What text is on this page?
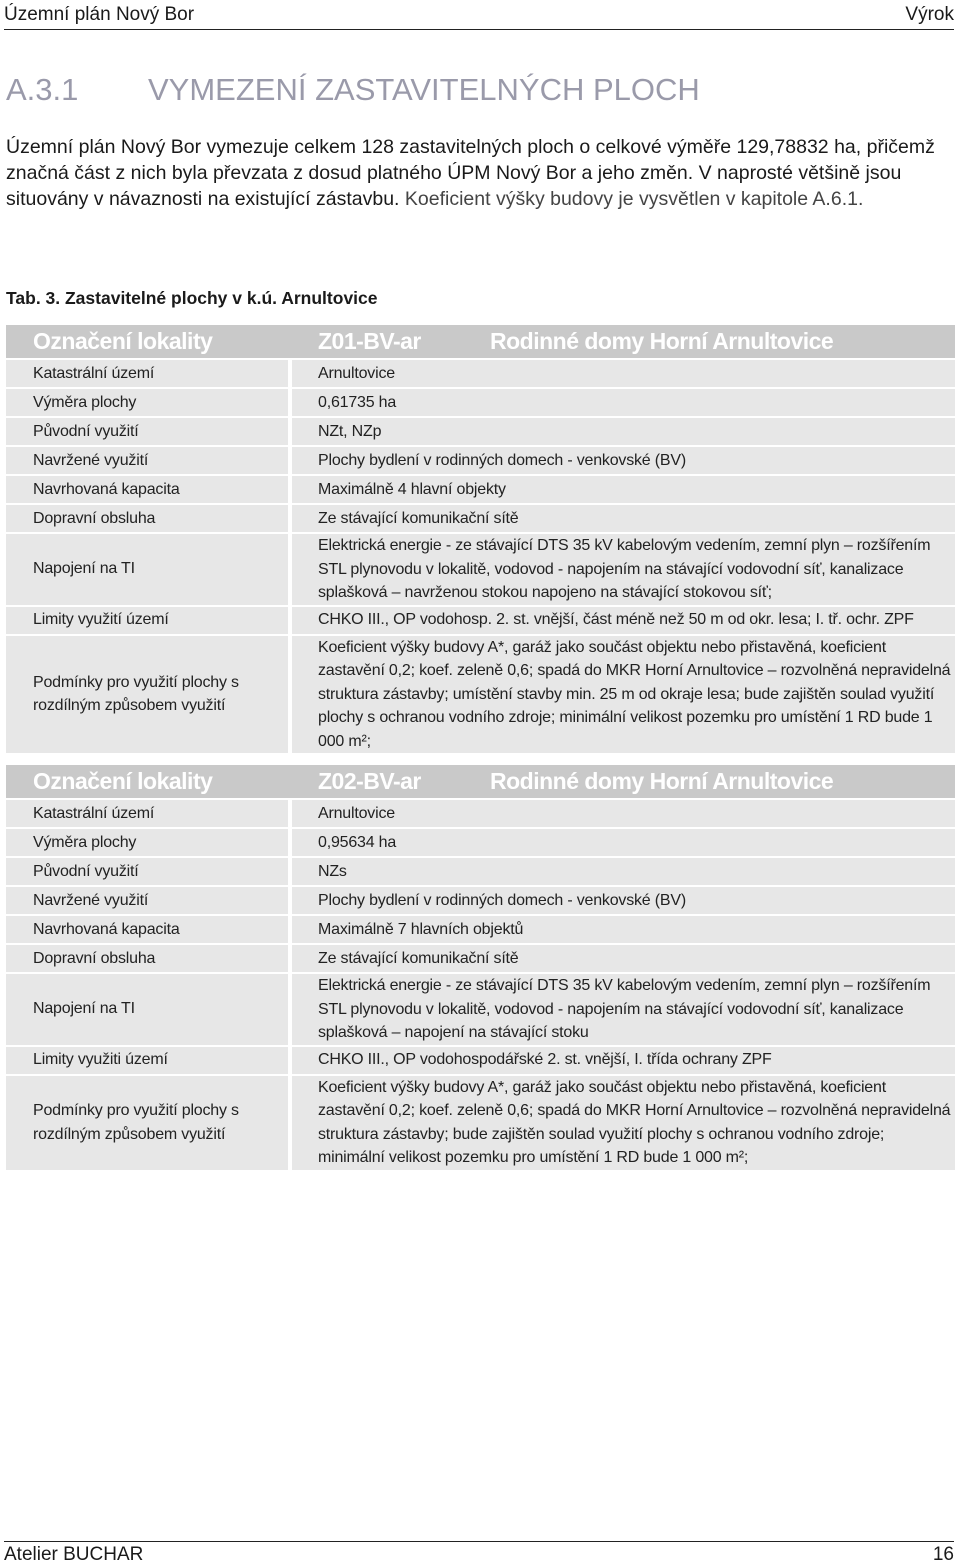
Územní plán Nový Bor	Výrok
A.3.1 VYMEZENÍ ZASTAVITELNÝCH PLOCH
Územní plán Nový Bor vymezuje celkem 128 zastavitelných ploch o celkové výměře 129,78832 ha, přičemž značná část z nich byla převzata z dosud platného ÚPM Nový Bor a jeho změn. V naprosté většině jsou situovány v návaznosti na existující zástavbu. Koeficient výšky budovy je vysvětlen v kapitole A.6.1.
Tab. 3. Zastavitelné plochy v k.ú. Arnultovice
Označení lokality		Z01-BV-ar		Rodinné domy Horní Arnultovice
Katastrální území		Arnultovice		
Výměra plochy		0,61735 ha		
Původní využití		NZt, NZp		
Navržené využití		Plochy bydlení v rodinných domech - venkovské (BV)		
Navrhovaná kapacita		Maximálně 4 hlavní objekty		
Dopravní obsluha		Ze stávající komunikační sítě		
Napojení na TI		Elektrická energie - ze stávající DTS 35 kV kabelovým vedením, zemní plyn – rozšířením STL plynovodu v lokalitě, vodovod - napojením na stávající vodovodní síť, kanalizace splašková – navrženou stokou napojeno na stávající stokovou síť;		
Limity využití území		CHKO III., OP vodohosp. 2. st. vnější, část méně než 50 m od okr. lesa; I. tř. ochr. ZPF		
Podmínky pro využití plochy s rozdílným způsobem využití		Koeficient výšky budovy A*, garáž jako součást objektu nebo přistavěná, koeficient zastavění 0,2; koef. zeleně 0,6; spadá do MKR Horní Arnultovice – rozvolněná nepravidelná struktura zástavby; umístění stavby min. 25 m od okraje lesa; bude zajištěn soulad využití plochy s ochranou vodního zdroje; minimální velikost pozemku pro umístění 1 RD bude 1 000 m²;		
Označení lokality		Z02-BV-ar		Rodinné domy Horní Arnultovice
Katastrální území		Arnultovice		
Výměra plochy		0,95634 ha		
Původní využití		NZs		
Navržené využití		Plochy bydlení v rodinných domech - venkovské (BV)		
Navrhovaná kapacita		Maximálně 7 hlavních objektů		
Dopravní obsluha		Ze stávající komunikační sítě		
Napojení na TI		Elektrická energie - ze stávající DTS 35 kV kabelovým vedením, zemní plyn – rozšířením STL plynovodu v lokalitě, vodovod - napojením na stávající vodovodní síť, kanalizace splašková – napojení na stávající stoku		
Limity využiti území		CHKO III., OP vodohospodářské 2. st. vnější, I. třída ochrany ZPF		
Podmínky pro využití plochy s rozdílným způsobem využití		Koeficient výšky budovy A*, garáž jako součást objektu nebo přistavěná, koeficient zastavění 0,2; koef. zeleně 0,6; spadá do MKR Horní Arnultovice – rozvolněná nepravidelná struktura zástavby; bude zajištěn soulad využití plochy s ochranou vodního zdroje; minimální velikost pozemku pro umístění 1 RD bude 1 000 m²;		
Atelier BUCHAR	16
